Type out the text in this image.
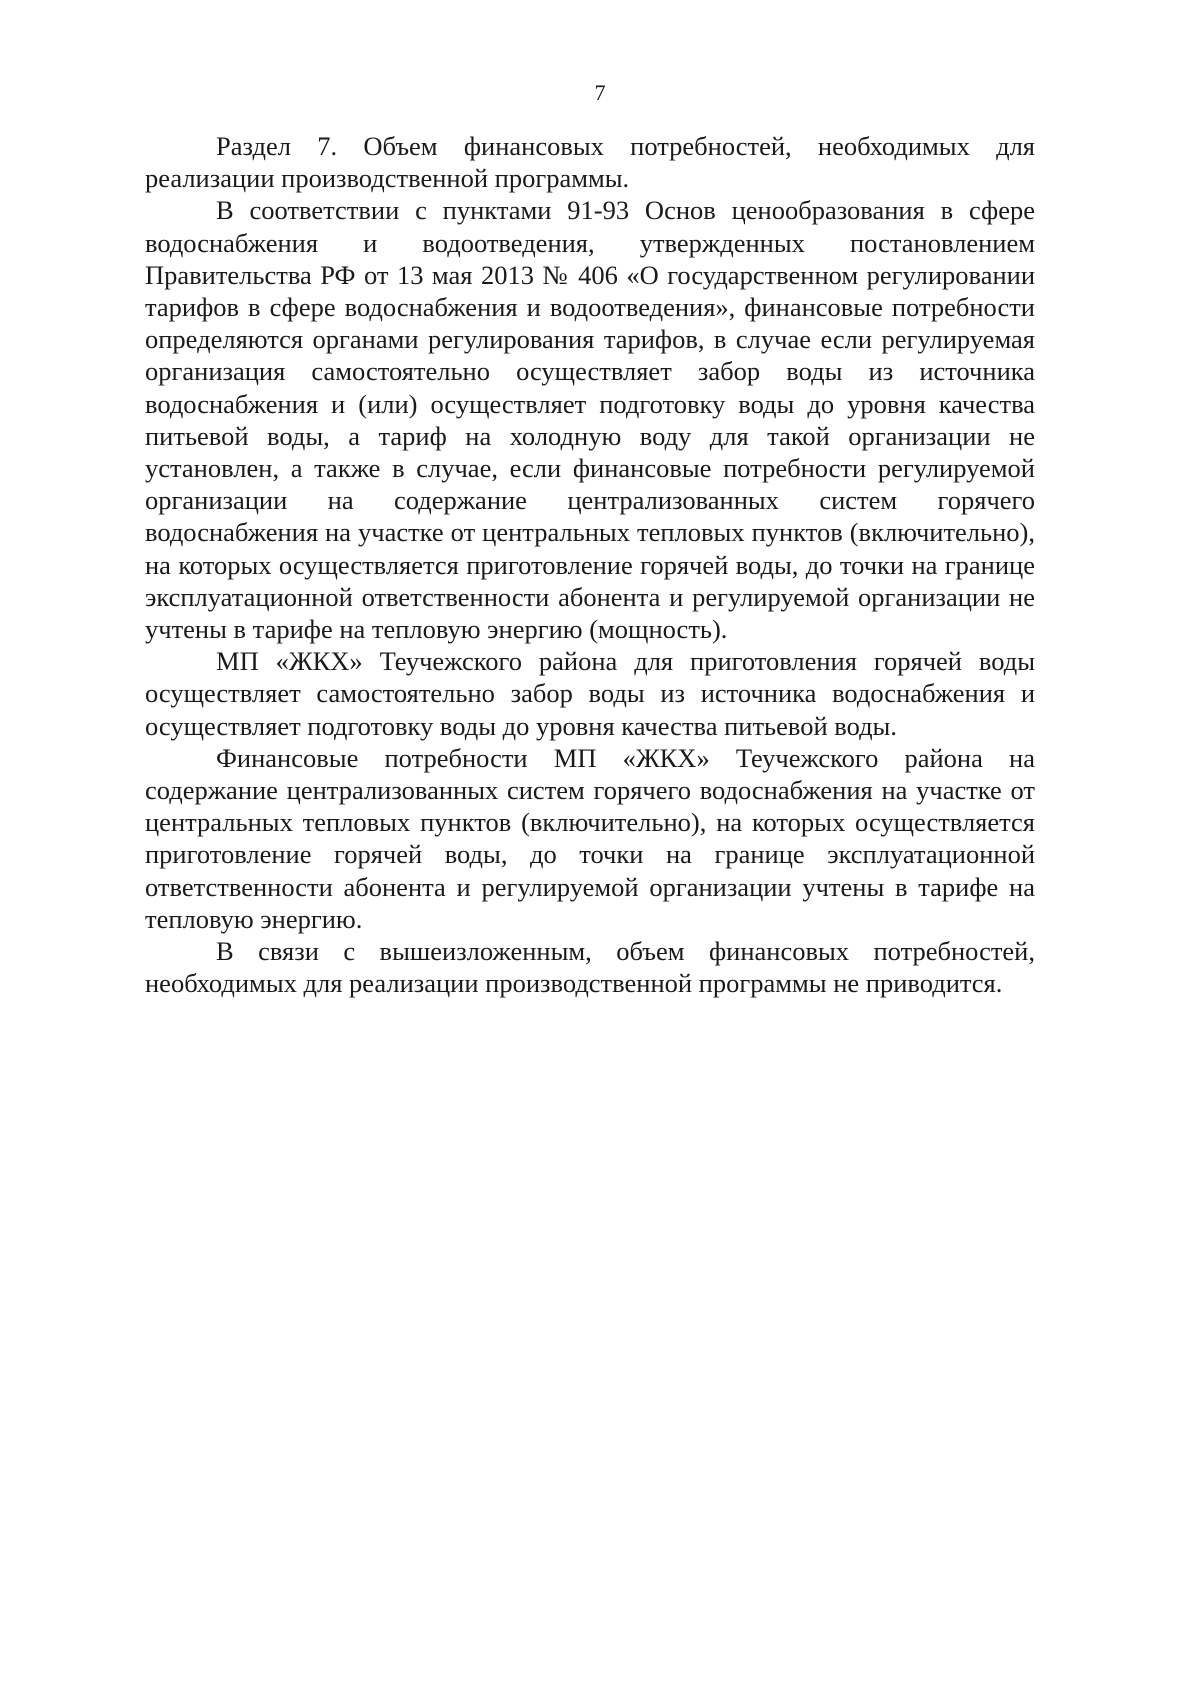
7

Раздел 7. Объем финансовых потребностей, необходимых для реализации производственной программы.

В соответствии с пунктами 91-93 Основ ценообразования в сфере водоснабжения и водоотведения, утвержденных постановлением Правительства РФ от 13 мая 2013 № 406 «О государственном регулировании тарифов в сфере водоснабжения и водоотведения», финансовые потребности определяются органами регулирования тарифов, в случае если регулируемая организация самостоятельно осуществляет забор воды из источника водоснабжения и (или) осуществляет подготовку воды до уровня качества питьевой воды, а тариф на холодную воду для такой организации не установлен, а также в случае, если финансовые потребности регулируемой организации на содержание централизованных систем горячего водоснабжения на участке от центральных тепловых пунктов (включительно), на которых осуществляется приготовление горячей воды, до точки на границе эксплуатационной ответственности абонента и регулируемой организации не учтены в тарифе на тепловую энергию (мощность).

МП «ЖКХ» Теучежского района для приготовления горячей воды осуществляет самостоятельно забор воды из источника водоснабжения и осуществляет подготовку воды до уровня качества питьевой воды.

Финансовые потребности МП «ЖКХ» Теучежского района на содержание централизованных систем горячего водоснабжения на участке от центральных тепловых пунктов (включительно), на которых осуществляется приготовление горячей воды, до точки на границе эксплуатационной ответственности абонента и регулируемой организации учтены в тарифе на тепловую энергию.

В связи с вышеизложенным, объем финансовых потребностей, необходимых для реализации производственной программы не приводится.
